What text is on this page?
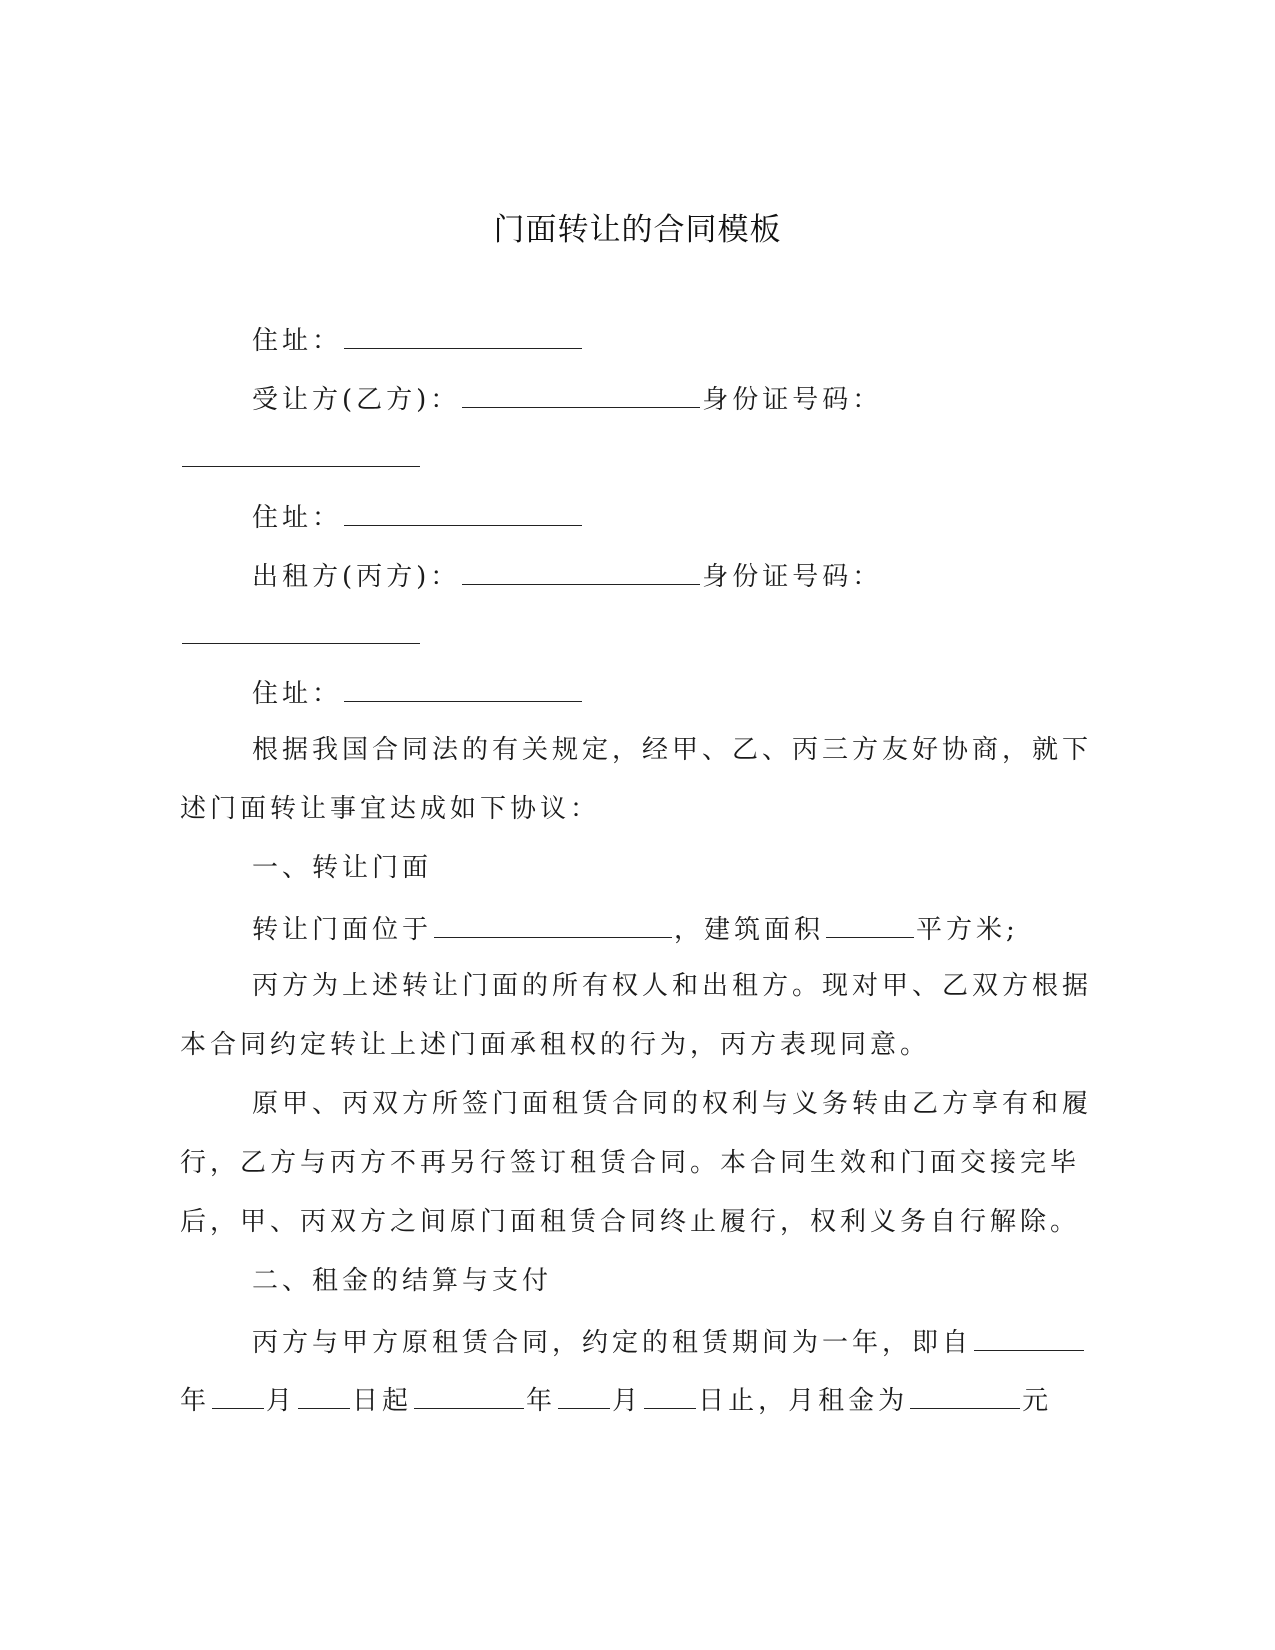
门面转让的合同模板
住址：
受让方(乙方)：	身份证号码：
住址：
出租方(丙方)：	身份证号码：
住址：
根据我国合同法的有关规定，经甲、乙、丙三方友好协商，就下
述门面转让事宜达成如下协议：
一、转让门面
转让门面位于	，建筑面积	平方米;
丙方为上述转让门面的所有权人和出租方。现对甲、乙双方根据
本合同约定转让上述门面承租权的行为，丙方表现同意。
原甲、丙双方所签门面租赁合同的权利与义务转由乙方享有和履
行，乙方与丙方不再另行签订租赁合同。本合同生效和门面交接完毕
后，甲、丙双方之间原门面租赁合同终止履行，权利义务自行解除。
二、租金的结算与支付
丙方与甲方原租赁合同，约定的租赁期间为一年，即自
年 月 日起	年 月 日止，月租金为	元
